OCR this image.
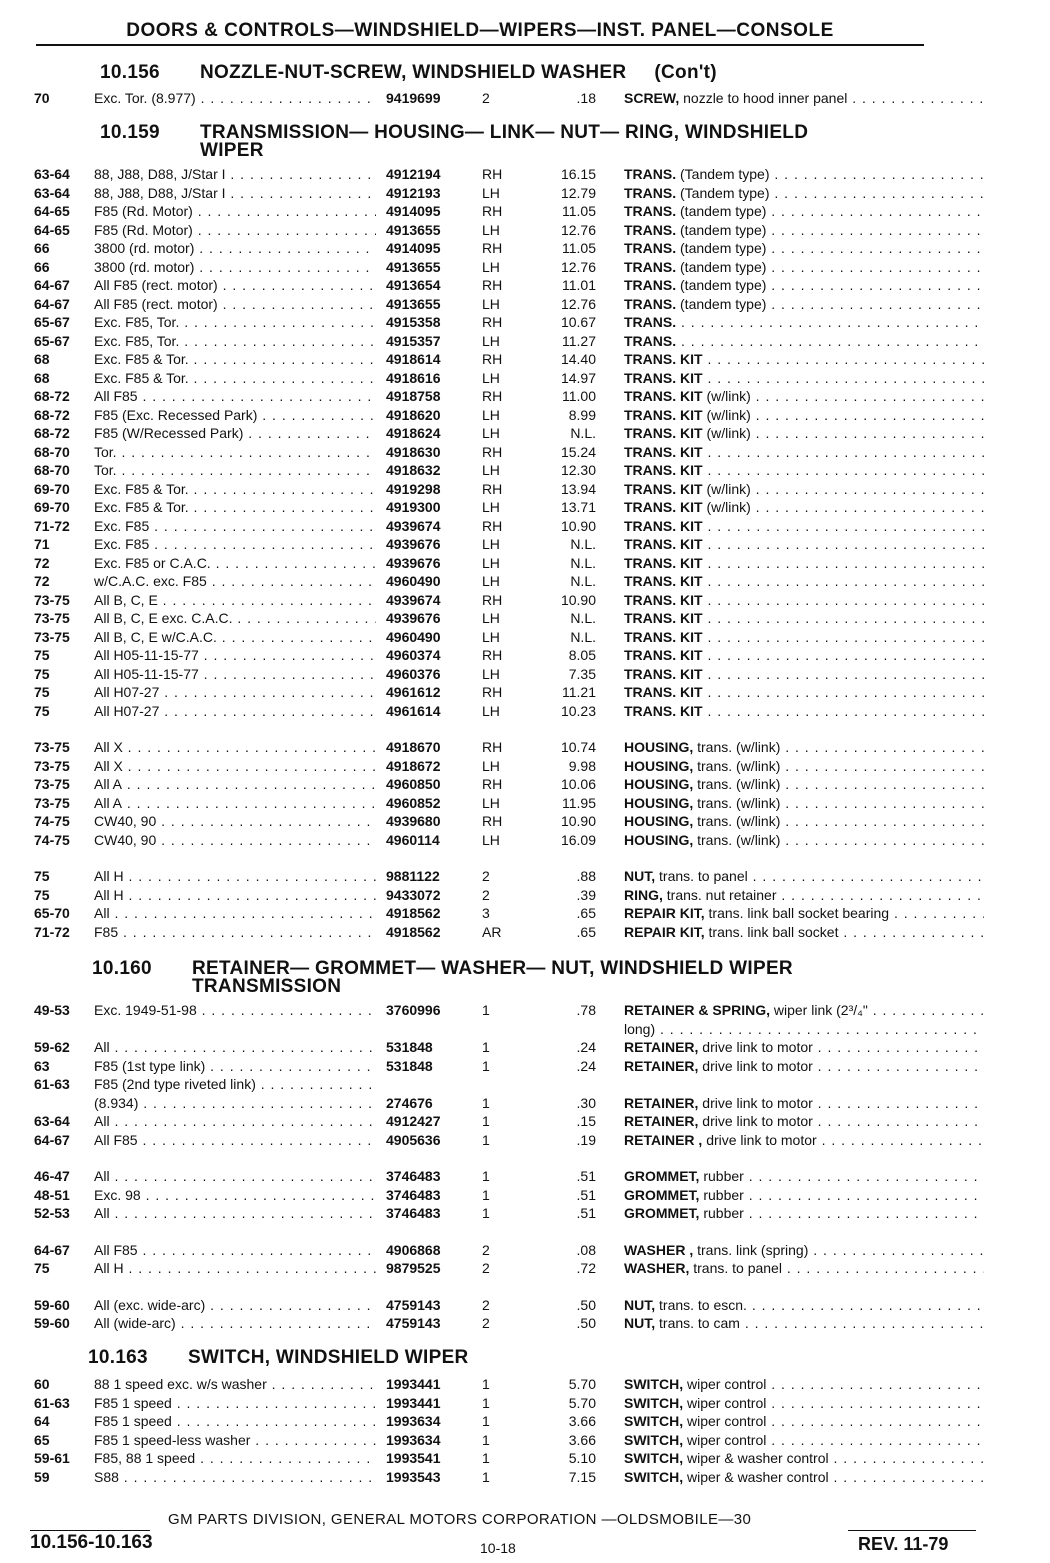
DOORS & CONTROLS—WINDSHIELD—WIPERS—INST. PANEL—CONSOLE
10.156 NOZZLE-NUT-SCREW, WINDSHIELD WASHER (Con't)
70	Exc. Tor. (8.977) . . .	9419699	2	.18 SCREW, nozzle to hood inner panel . . .
10.159 TRANSMISSION— HOUSING— LINK— NUT— RING, WINDSHIELD
WIPER
63-64 88, J88, D88, J/Star I . . .	4912194	RH	16.15 TRANS. (Tandem type) . . .
63-64 88, J88, D88, J/Star I . . .	4912193	LH	12.79 TRANS. (Tandem type) . . .
64-65 F85 (Rd. Motor) . . .	4914095	RH	11.05 TRANS. (tandem type) . . .
64-65 F85 (Rd. Motor) . . .	4913655	LH	12.76 TRANS. (tandem type) . . .
66	3800 (rd. motor) . . .	4914095	RH	11.05 TRANS. (tandem type) . . .
66	3800 (rd. motor) . . .	4913655	LH	12.76 TRANS. (tandem type) . . .
64-67 All F85 (rect. motor) . . .	4913654	RH	11.01 TRANS. (tandem type) . . .
64-67 All F85 (rect. motor) . . .	4913655	LH	12.76 TRANS. (tandem type) . . .
65-67 Exc. F85, Tor. . . .	4915358	RH	10.67 TRANS. . . .
65-67 Exc. F85, Tor. . . .	4915357	LH	11.27 TRANS. . . .
68	Exc. F85 & Tor. . . .	4918614	RH	14.40 TRANS. KIT . . .
68	Exc. F85 & Tor. . . .	4918616	LH	14.97 TRANS. KIT . . .
68-72 All F85 . . .	4918758	RH	11.00 TRANS. KIT (w/link) . . .
68-72 F85 (Exc. Recessed Park) . . .	4918620	LH	8.99 TRANS. KIT (w/link) . . .
68-72 F85 (W/Recessed Park) . . .	4918624	LH	N.L. TRANS. KIT (w/link) . . .
68-70 Tor. . . .	4918630	RH	15.24 TRANS. KIT . . .
68-70 Tor. . . .	4918632	LH	12.30 TRANS. KIT . . .
69-70 Exc. F85 & Tor. . . .	4919298	RH	13.94 TRANS. KIT (w/link) . . .
69-70 Exc. F85 & Tor. . . .	4919300	LH	13.71 TRANS. KIT (w/link) . . .
71-72 Exc. F85 . . .	4939674	RH	10.90 TRANS. KIT . . .
71	Exc. F85 . . .	4939676	LH	N.L. TRANS. KIT . . .
72	Exc. F85 or C.A.C. . . .	4939676	LH	N.L. TRANS. KIT . . .
72	w/C.A.C. exc. F85 . . .	4960490	LH	N.L. TRANS. KIT . . .
73-75 All B, C, E . . .	4939674	RH	10.90 TRANS. KIT . . .
73-75 All B, C, E exc. C.A.C. . . .	4939676	LH	N.L. TRANS. KIT . . .
73-75 All B, C, E w/C.A.C. . . .	4960490	LH	N.L. TRANS. KIT . . .
75	All H05-11-15-77 . . .	4960374	RH	8.05 TRANS. KIT . . .
75	All H05-11-15-77 . . .	4960376	LH	7.35 TRANS. KIT . . .
75	All H07-27 . . .	4961612	RH	11.21 TRANS. KIT . . .
75	All H07-27 . . .	4961614	LH	10.23 TRANS. KIT . . .
73-75 All X . . .	4918670	RH	10.74 HOUSING, trans. (w/link) . . .
73-75 All X . . .	4918672	LH	9.98 HOUSING, trans. (w/link) . . .
73-75 All A . . .	4960850	RH	10.06 HOUSING, trans. (w/link) . . .
73-75 All A . . .	4960852	LH	11.95 HOUSING, trans. (w/link) . . .
74-75 CW40, 90 . . .	4939680	RH	10.90 HOUSING, trans. (w/link) . . .
74-75 CW40, 90 . . .	4960114	LH	16.09 HOUSING, trans. (w/link) . . .
75	All H . . .	9881122	2	.88 NUT, trans. to panel . . .
75	All H . . .	9433072	2	.39 RING, trans. nut retainer . . .
65-70 All . . .	4918562	3	.65 REPAIR KIT, trans. link ball socket bearing . . .
71-72 F85 . . .	4918562	AR	.65 REPAIR KIT, trans. link ball socket . . .
10.160 RETAINER— GROMMET— WASHER— NUT, WINDSHIELD WIPER
TRANSMISSION
49-53 Exc. 1949-51-98 . . .	3760996	1	.78 RETAINER & SPRING, wiper link (2³/₄" . . .
long) . . .
59-62 All . . .	531848	1	.24 RETAINER, drive link to motor . . .
63	F85 (1st type link) . . .	531848	1	.24 RETAINER, drive link to motor . . .
61-63 F85 (2nd type riveted link) . . .
(8.934) . . .	274676	1	.30 RETAINER, drive link to motor . . .
63-64 All . . .	4912427	1	.15 RETAINER, drive link to motor . . .
64-67 All F85 . . .	4905636	1	.19 RETAINER , drive link to motor . . .
46-47 All . . .	3746483	1	.51 GROMMET, rubber . . .
48-51 Exc. 98 . . .	3746483	1	.51 GROMMET, rubber . . .
52-53 All . . .	3746483	1	.51 GROMMET, rubber . . .
64-67 All F85 . . .	4906868	2	.08 WASHER , trans. link (spring) . . .
75	All H . . .	9879525	2	.72 WASHER, trans. to panel . . .
59-60 All (exc. wide-arc) . . .	4759143	2	.50 NUT, trans. to escn. . . .
59-60 All (wide-arc) . . .	4759143	2	.50 NUT, trans. to cam . . .
10.163 SWITCH, WINDSHIELD WIPER
60	88 1 speed exc. w/s washer . . .	1993441	1	5.70 SWITCH, wiper control . . .
61-63 F85 1 speed . . .	1993441	1	5.70 SWITCH, wiper control . . .
64	F85 1 speed . . .	1993634	1	3.66 SWITCH, wiper control . . .
65	F85 1 speed-less washer . . .	1993634	1	3.66 SWITCH, wiper control . . .
59-61 F85, 88 1 speed . . .	1993541	1	5.10 SWITCH, wiper & washer control . . .
59	S88 . . .	1993543	1	7.15 SWITCH, wiper & washer control . . .
GM PARTS DIVISION, GENERAL MOTORS CORPORATION —OLDSMOBILE—30
10.156-10.163	10-18	REV. 11-79
